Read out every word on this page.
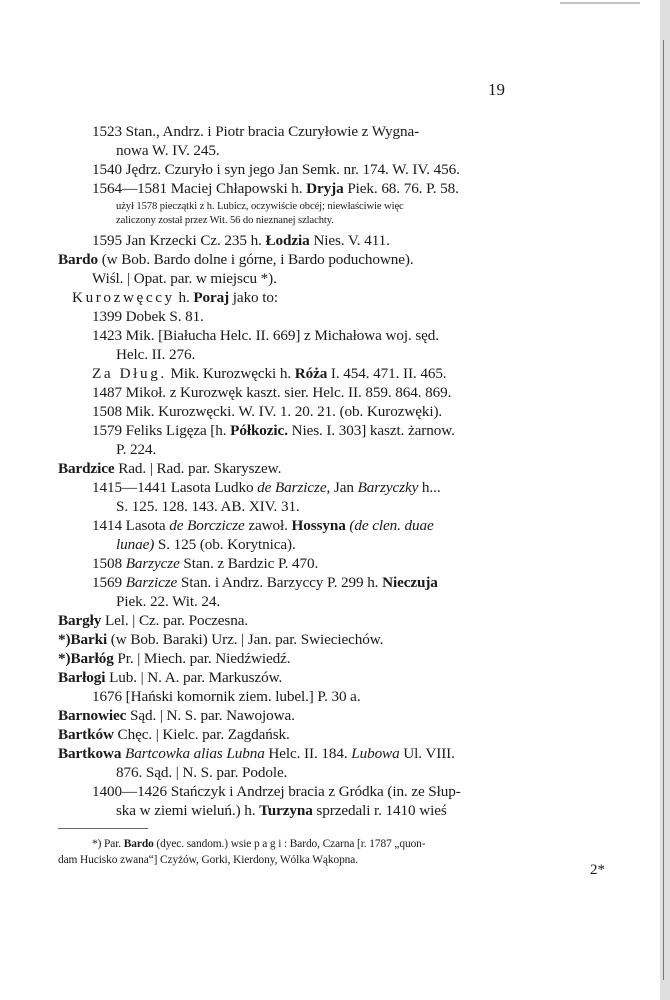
19
1523 Stan., Andrz. i Piotr bracia Czuryłowie z Wygna-
nowa W. IV. 245.
1540 Jędrz. Czuryło i syn jego Jan Semk. nr. 174. W. IV. 456.
1564—1581 Maciej Chłapowski h. Dryja Piek. 68. 76. P. 58.
użył 1578 pieczątki z h. Lubicz, oczywiście obcéj; niewłaściwie więc
zaliczony został przez Wit. 56 do nieznanej szlachty.
1595 Jan Krzecki Cz. 235 h. Łodzia Nies. V. 411.
Bardo (w Bob. Bardo dolne i górne, i Bardo poduchowne).
Wiśl. | Opat. par. w miejscu *).
Kurozwęccy h. Poraj jako to:
1399 Dobek S. 81.
1423 Mik. [Białucha Helc. II. 669] z Michałowa woj. sęd.
Helc. II. 276.
Za Dług. Mik. Kurozwęcki h. Róża I. 454. 471. II. 465.
1487 Mikoł. z Kurozwęk kaszt. sier. Helc. II. 859. 864. 869.
1508 Mik. Kurozwęcki. W. IV. 1. 20. 21. (ob. Kurozwęki).
1579 Feliks Ligęza [h. Półkozic. Nies. I. 303] kaszt. żarnow.
P. 224.
Bardzice Rad. | Rad. par. Skaryszew.
1415—1441 Lasota Ludko de Barzicze, Jan Barzyczky h...
S. 125. 128. 143. AB. XIV. 31.
1414 Lasota de Borczicze zawoł. Hossyna (de clen. duae
lunae) S. 125 (ob. Korytnica).
1508 Barzycze Stan. z Bardzic P. 470.
1569 Barzicze Stan. i Andrz. Barzyccy P. 299 h. Nieczuja
Piek. 22. Wit. 24.
Bargły Lel. | Cz. par. Poczesna.
*)Barki (w Bob. Baraki) Urz. | Jan. par. Swieciechów.
*)Barłóg Pr. | Miech. par. Niedźwiedź.
Barłogi Lub. | N. A. par. Markuszów.
1676 [Hański komornik ziem. lubel.] P. 30 a.
Barnowiec Sąd. | N. S. par. Nawojowa.
Bartków Chęc. | Kielc. par. Zagdańsk.
Bartkowa Bartcowka alias Lubna Helc. II. 184. Lubowa Ul. VIII.
876. Sąd. | N. S. par. Podole.
1400—1426 Stańczyk i Andrzej bracia z Gródka (in. ze Słup-
ska w ziemi wieluń.) h. Turzyna sprzedali r. 1410 wieś
*) Par. Bardo (dyec. sandom.) wsie pagi: Bardo, Czarna [r. 1787 „quon-
dam Hucisko zwana“] Czyżów, Gorki, Kierdony, Wólka Wąkopna.
2*
